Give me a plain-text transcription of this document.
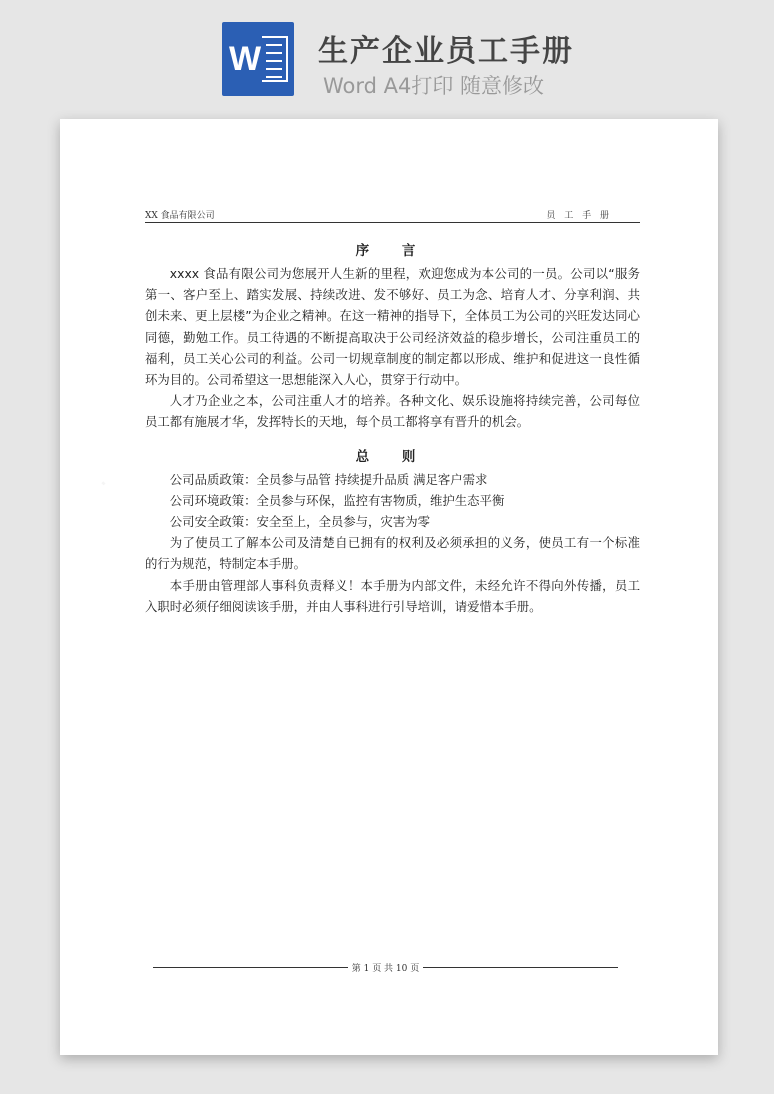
W 生产企业员工手册
Word A4打印 随意修改
·
XX 食品有限公司	员 工 手 册
序 言

xxxx 食品有限公司为您展开人生新的里程，欢迎您成为本公司的一员。公司以“服务第一、客户至上、踏实发展、持续改进、发不够好、员工为念、培育人才、分享利润、共创未来、更上层楼”为企业之精神。在这一精神的指导下，全体员工为公司的兴旺发达同心同德，勤勉工作。员工待遇的不断提高取决于公司经济效益的稳步增长，公司注重员工的福利，员工关心公司的利益。公司一切规章制度的制定都以形成、维护和促进这一良性循环为目的。公司希望这一思想能深入人心，贯穿于行动中。

人才乃企业之本，公司注重人才的培养。各种文化、娱乐设施将持续完善，公司每位员工都有施展才华，发挥特长的天地，每个员工都将享有晋升的机会。

总 则

公司品质政策：全员参与品管 持续提升品质 满足客户需求

公司环境政策：全员参与环保，监控有害物质，维护生态平衡

公司安全政策：安全至上，全员参与，灾害为零

为了使员工了解本公司及清楚自已拥有的权利及必须承担的义务，使员工有一个标准的行为规范，特制定本手册。

本手册由管理部人事科负责释义！本手册为内部文件，未经允许不得向外传播，员工入职时必须仔细阅读该手册，并由人事科进行引导培训，请爱惜本手册。

第 1 页 共 10 页
